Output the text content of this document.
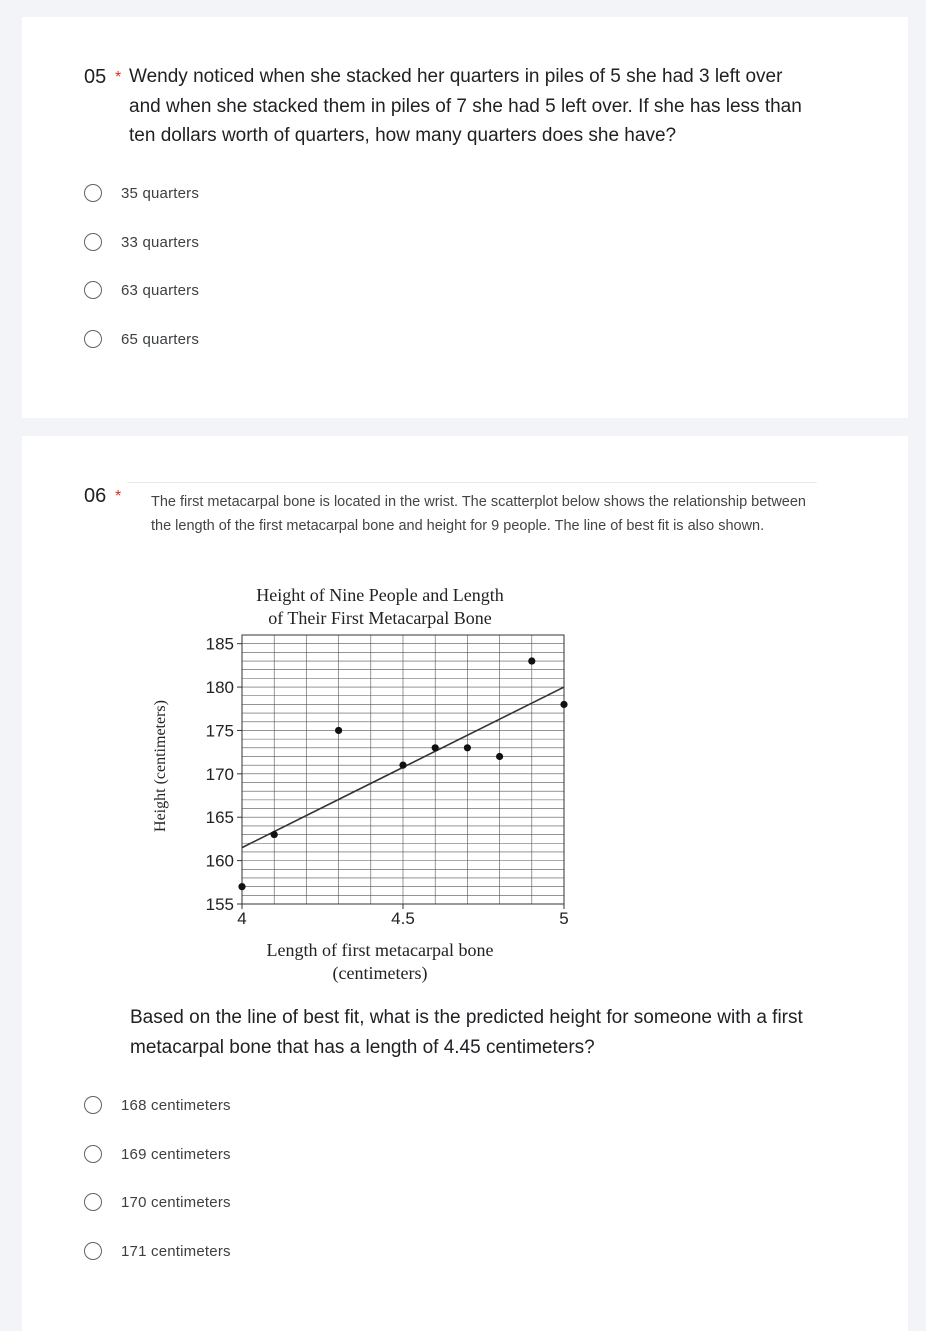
05 * Wendy noticed when she stacked her quarters in piles of 5 she had 3 left over and when she stacked them in piles of 7 she had 5 left over. If she has less than ten dollars worth of quarters, how many quarters does she have?
35 quarters
33 quarters
63 quarters
65 quarters
06 * The first metacarpal bone is located in the wrist. The scatterplot below shows the relationship between the length of the first metacarpal bone and height for 9 people. The line of best fit is also shown.
Height of Nine People and Length
of Their First Metacarpal Bone
155
160
165
170
175
180
185
4	4.5	5
Length of first metacarpal bone
(centimeters)
Height (centimeters)
Based on the line of best fit, what is the predicted height for someone with a first metacarpal bone that has a length of 4.45 centimeters?
168 centimeters
169 centimeters
170 centimeters
171 centimeters
